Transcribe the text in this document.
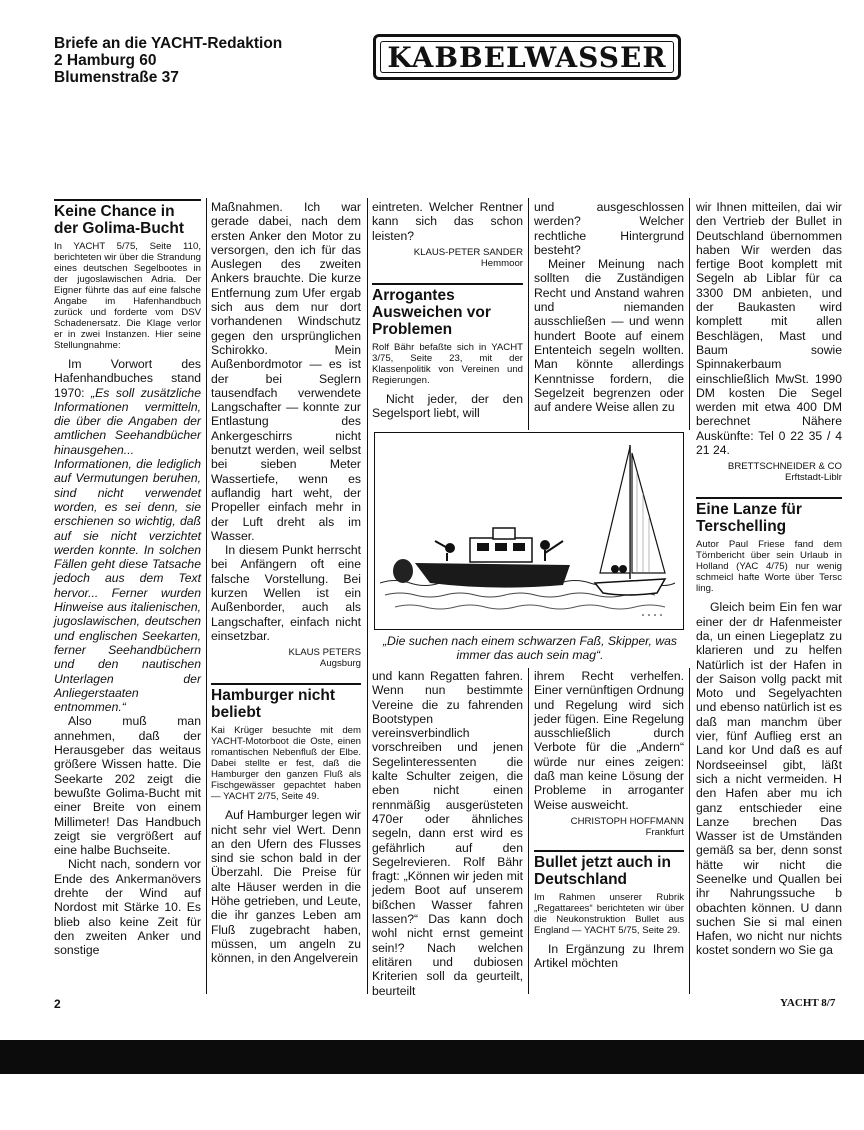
Briefe an die YACHT-Redaktion
2 Hamburg 60
Blumenstraße 37
KABBELWASSER
Keine Chance in der Golima-Bucht
In YACHT 5/75, Seite 110, berichteten wir über die Strandung eines deutschen Segelbootes in der jugoslawischen Adria. Der Eigner führte das auf eine falsche Angabe im Hafenhandbuch zurück und forderte vom DSV Schadenersatz. Die Klage verlor er in zwei Instanzen. Hier seine Stellungnahme:

Im Vorwort des Hafenhandbuches stand 1970: „Es soll zusätzliche Informationen vermitteln, die über die Angaben der amtlichen Seehandbücher hinausgehen... Informationen, die lediglich auf Vermutungen beruhen, sind nicht verwendet worden, es sei denn, sie erschienen so wichtig, daß auf sie nicht verzichtet werden konnte. In solchen Fällen geht diese Tatsache jedoch aus dem Text hervor... Ferner wurden Hinweise aus italienischen, jugoslawischen, deutschen und englischen Seekarten, ferner Seehandbüchern und den nautischen Unterlagen der Anliegerstaaten entnommen.“

Also muß man annehmen, daß der Herausgeber das weitaus größere Wissen hatte. Die Seekarte 202 zeigt die bewußte Golima-Bucht mit einer Breite von einem Millimeter! Das Handbuch zeigt sie vergrößert auf eine halbe Buchseite.

Nicht nach, sondern vor Ende des Ankermanövers drehte der Wind auf Nordost mit Stärke 10. Es blieb also keine Zeit für den zweiten Anker und sonstige

Maßnahmen. Ich war gerade dabei, nach dem ersten Anker den Motor zu versorgen, den ich für das Auslegen des zweiten Ankers brauchte. Die kurze Entfernung zum Ufer ergab sich aus dem nur dort vorhandenen Windschutz gegen den ursprünglichen Schirokko. Mein Außenbordmotor — es ist der bei Seglern tausendfach verwendete Langschafter — konnte zur Entlastung des Ankergeschirrs nicht benutzt werden, weil selbst bei sieben Meter Wassertiefe, wenn es auflandig hart weht, der Propeller einfach mehr in der Luft dreht als im Wasser.

In diesem Punkt herrscht bei Anfängern oft eine falsche Vorstellung. Bei kurzen Wellen ist ein Außenborder, auch als Langschafter, einfach nicht einsetzbar.

KLAUS PETERS
Augsburg
Hamburger nicht beliebt
Kai Krüger besuchte mit dem YACHT-Motorboot die Oste, einen romantischen Nebenfluß der Elbe. Dabei stellte er fest, daß die Hamburger den ganzen Fluß als Fischgewässer gepachtet haben — YACHT 2/75, Seite 49.

Auf Hamburger legen wir nicht sehr viel Wert. Denn an den Ufern des Flusses sind sie schon bald in der Überzahl. Die Preise für alte Häuser werden in die Höhe getrieben, und Leute, die ihr ganzes Leben am Fluß zugebracht haben, müssen, um angeln zu können, in den Angelverein

eintreten. Welcher Rentner kann sich das schon leisten?

KLAUS-PETER SANDER
Hemmoor
Arrogantes Ausweichen vor Problemen
Rolf Bähr befaßte sich in YACHT 3/75, Seite 23, mit der Klassenpolitik von Vereinen und Regierungen.

Nicht jeder, der den Segelsport liebt, will

und ausgeschlossen werden? Welcher rechtliche Hintergrund besteht?

Meiner Meinung nach sollten die Zuständigen Recht und Anstand wahren und niemanden ausschließen — und wenn hundert Boote auf einem Ententeich segeln wollten. Man könnte allerdings Kenntnisse fordern, die Segelzeit begrenzen oder auf andere Weise allen zu

„Die suchen nach einem schwarzen Faß, Skipper, was immer das auch sein mag“.

und kann Regatten fahren. Wenn nun bestimmte Vereine die zu fahrenden Bootstypen vereinsverbindlich vorschreiben und jenen Segelinteressenten die kalte Schulter zeigen, die eben nicht einen rennmäßig ausgerüsteten 470er oder ähnliches segeln, dann erst wird es gefährlich auf den Segelrevieren. Rolf Bähr fragt: „Können wir jeden mit jedem Boot auf unserem bißchen Wasser fahren lassen?“ Das kann doch wohl nicht ernst gemeint sein!? Nach welchen elitären und dubiosen Kriterien soll da geurteilt, beurteilt

ihrem Recht verhelfen. Einer vernünftigen Ordnung und Regelung wird sich jeder fügen. Eine Regelung ausschließlich durch Verbote für die „Andern“ würde nur eines zeigen: daß man keine Lösung der Probleme in arroganter Weise ausweicht.

CHRISTOPH HOFFMANN
Frankfurt
Bullet jetzt auch in Deutschland
Im Rahmen unserer Rubrik „Regattarees“ berichteten wir über die Neukonstruktion Bullet aus England — YACHT 5/75, Seite 29.

In Ergänzung zu Ihrem Artikel möchten

wir Ihnen mitteilen, dai wir den Vertrieb der Bullet in Deutschland übernommen haben Wir werden das fertige Boot komplett mit Segeln ab Liblar für ca 3300 DM anbieten, und der Baukasten wird komplett mit allen Beschlägen, Mast und Baum sowie Spinnakerbaum einschließlich MwSt. 1990 DM kosten Die Segel werden mit etwa 400 DM berechnet Nähere Auskünfte: Tel 0 22 35 / 4 21 24.

BRETTSCHNEIDER & CO
Erftstadt-Liblr
Eine Lanze für Terschelling
Autor Paul Friese fand dem Törnbericht über sein Urlaub in Holland (YAC 4/75) nur wenig schmeicl hafte Worte über Tersc ling.

Gleich beim Ein fen war einer der dr Hafenmeister da, un einen Liegeplatz zu klarieren und zu helfen Natürlich ist der Hafen in der Saison vollg packt mit Moto und Segelyachten und ebenso natürlich ist es daß man manchm über vier, fünf Auflieg erst an Land kor Und daß es auf Nordseeinsel gibt, läßt sich a nicht vermeiden. H den Hafen aber mu ich ganz entschieder eine Lanze brechen Das Wasser ist de Umständen gemäß sa ber, denn sonst hätte wir nicht die Seenelke und Quallen bei ihr Nahrungssuche b obachten können. U dann suchen Sie si mal einen Hafen, wo nicht nur nichts kostet sondern wo Sie ga

2	YACHT 8/7
